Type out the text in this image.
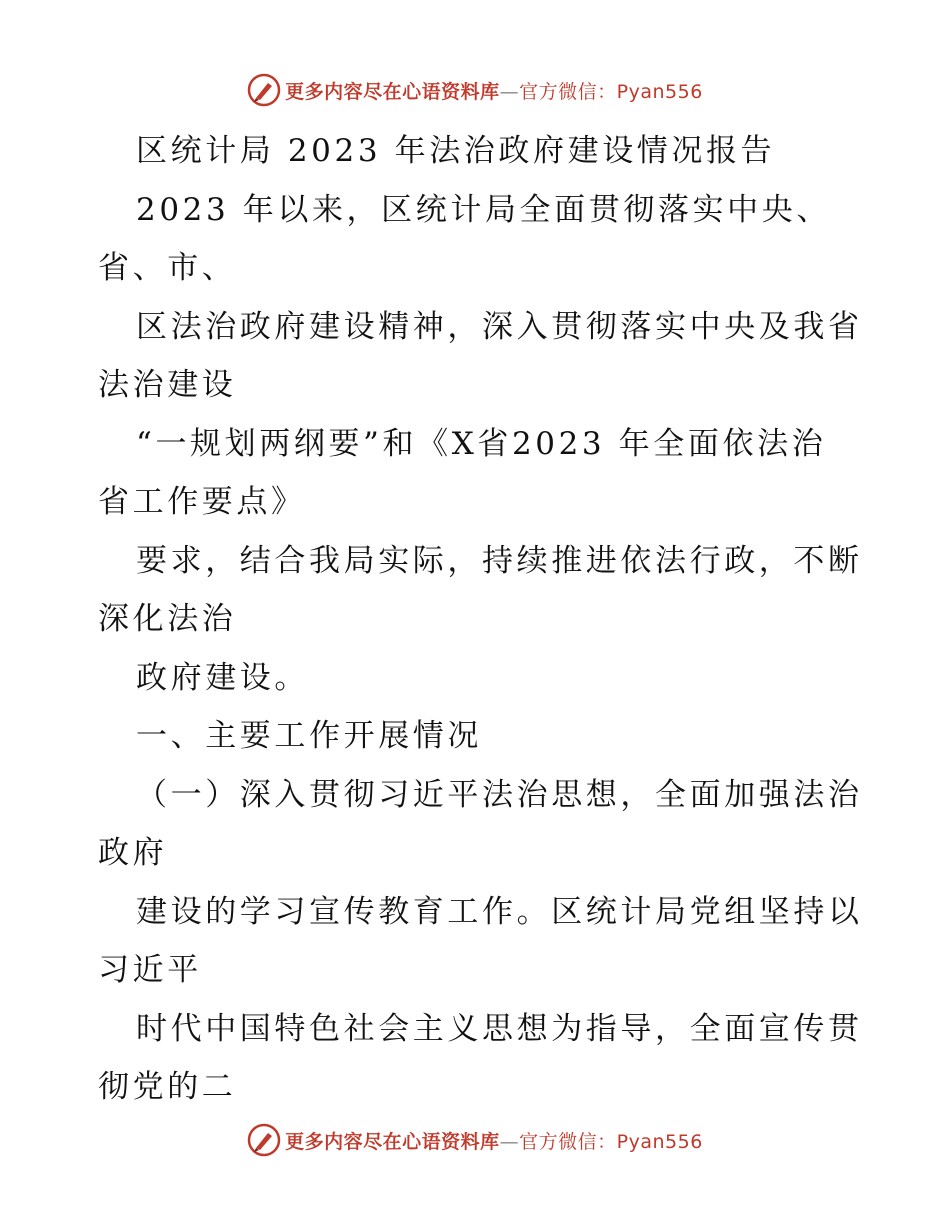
更多内容尽在心语资料库—官方微信：Pyan556
区统计局 2023 年法治政府建设情况报告
2023 年以来，区统计局全面贯彻落实中央、
省、市、
区法治政府建设精神，深入贯彻落实中央及我省
法治建设
“一规划两纲要”和《X省2023 年全面依法治
省工作要点》
要求，结合我局实际，持续推进依法行政，不断
深化法治
政府建设。
一、主要工作开展情况
（一）深入贯彻习近平法治思想，全面加强法治
政府
建设的学习宣传教育工作。区统计局党组坚持以
习近平
时代中国特色社会主义思想为指导，全面宣传贯
彻党的二
更多内容尽在心语资料库—官方微信：Pyan556
